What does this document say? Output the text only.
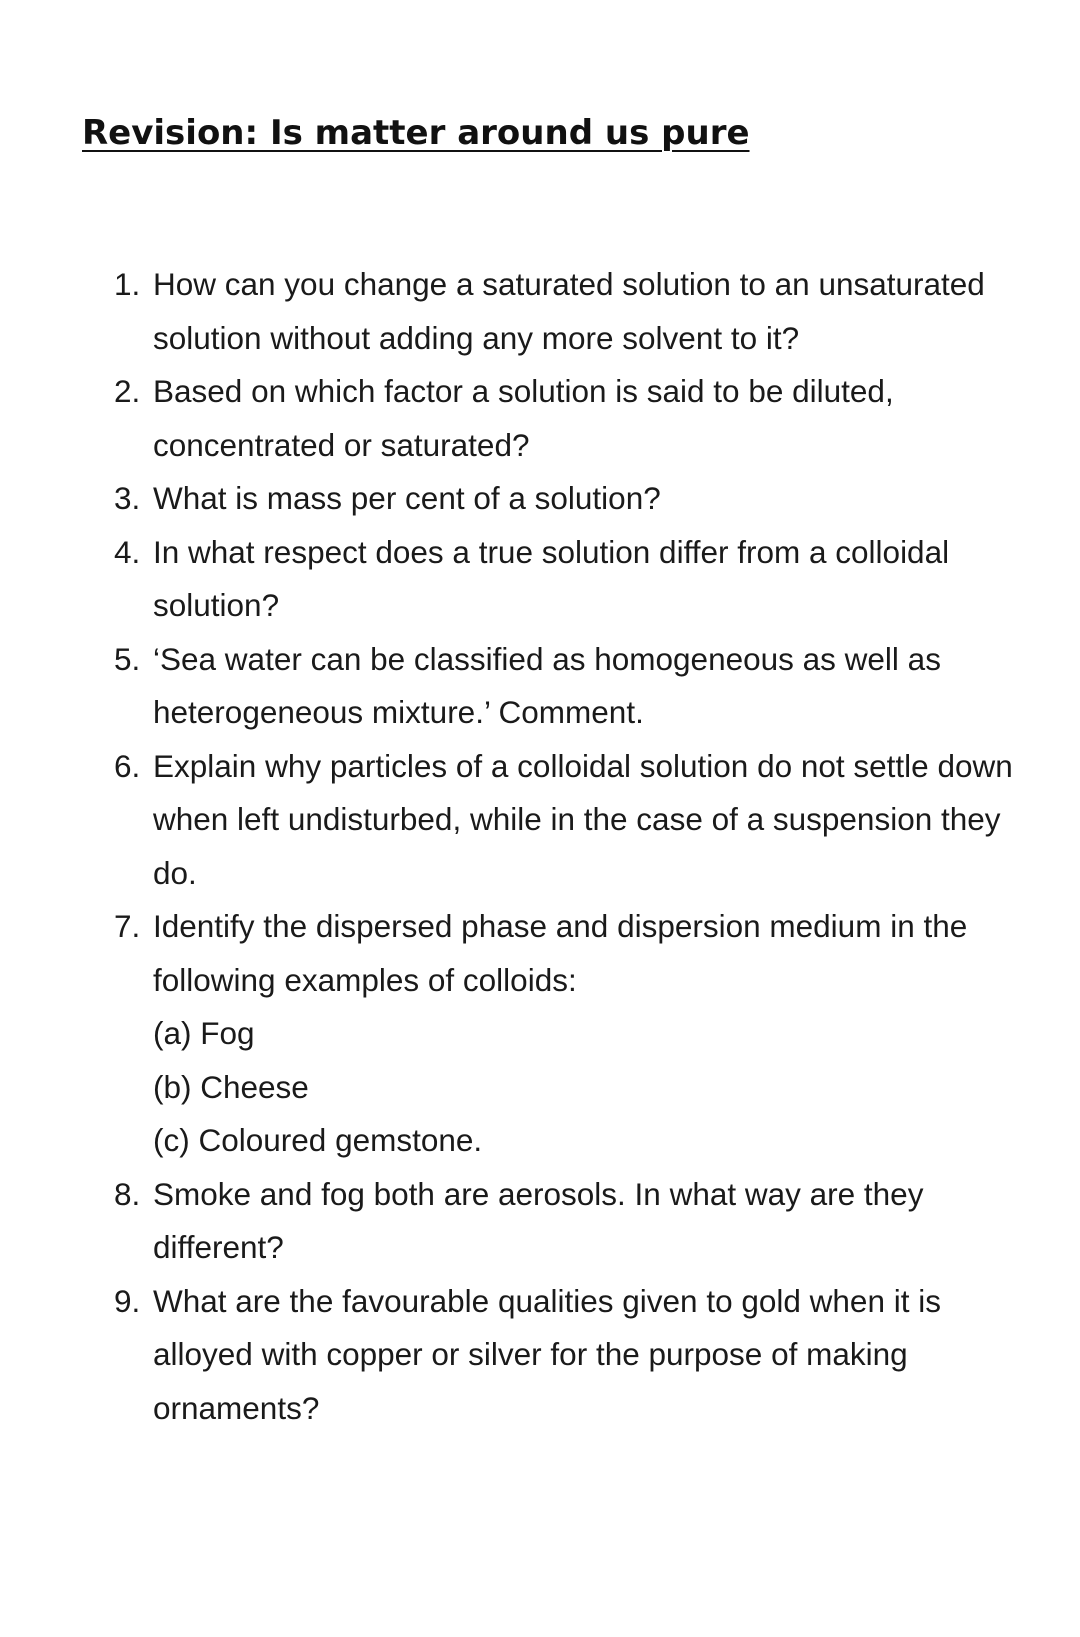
Revision: Is matter around us pure
1. How can you change a saturated solution to an unsaturated solution without adding any more solvent to it?
2. Based on which factor a solution is said to be diluted, concentrated or saturated?
3. What is mass per cent of a solution?
4. In what respect does a true solution differ from a colloidal solution?
5. ‘Sea water can be classified as homogeneous as well as heterogeneous mixture.’ Comment.
6. Explain why particles of a colloidal solution do not settle down when left undisturbed, while in the case of a suspension they do.
7. Identify the dispersed phase and dispersion medium in the following examples of colloids:
(a) Fog
(b) Cheese
(c) Coloured gemstone.
8. Smoke and fog both are aerosols. In what way are they different?
9. What are the favourable qualities given to gold when it is alloyed with copper or silver for the purpose of making ornaments?
